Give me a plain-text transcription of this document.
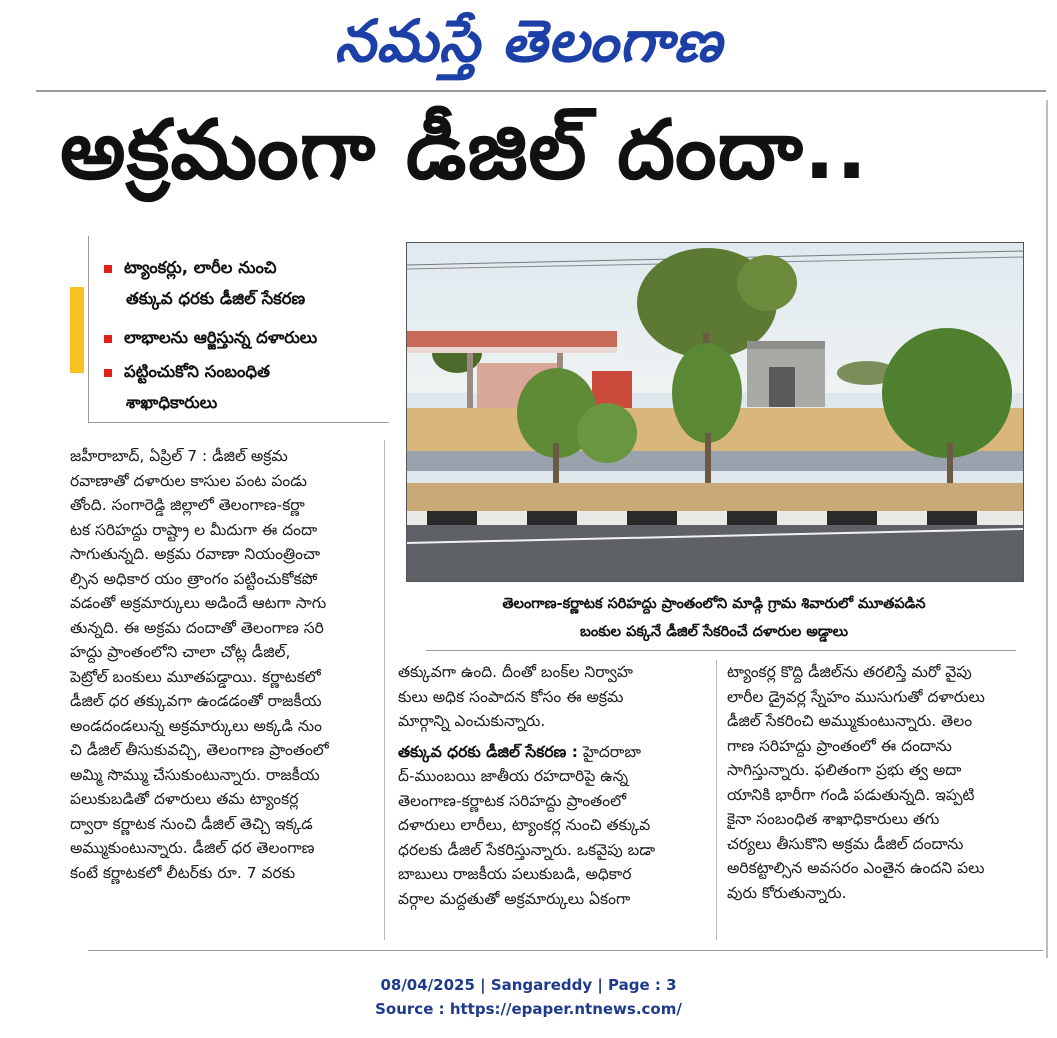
నమస్తే తెలంగాణ
అక్రమంగా డీజిల్ దందా..
ట్యాంకర్లు, లారీల నుంచి
తక్కువ ధరకు డీజిల్ సేకరణ
లాభాలను ఆర్జిస్తున్న దళారులు
పట్టించుకోని సంబంధిత
శాఖాధికారులు
తెలంగాణ-కర్ణాటక సరిహద్దు ప్రాంతంలోని మాడ్గి గ్రామ శివారులో మూతపడిన
బంకుల పక్కనే డీజిల్ సేకరించే దళారుల అడ్డాలు

జహీరాబాద్, ఏప్రిల్ 7 : డీజిల్ అక్రమ

రవాణాతో దళారుల కాసుల పంట పండు

తోంది. సంగారెడ్డి జిల్లాలో తెలంగాణ-కర్ణా

టక సరిహద్దు రాష్ట్రా ల మీదుగా ఈ దందా

సాగుతున్నది. అక్రమ రవాణా నియంత్రించా

ల్సిన అధికార యం త్రాంగం పట్టించుకోకపో

వడంతో అక్రమార్కులు అడిందే ఆటగా సాగు

తున్నది. ఈ అక్రమ దందాతో తెలంగాణ సరి

హద్దు ప్రాంతంలోని చాలా చోట్ల డీజిల్,

పెట్రోల్ బంకులు మూతపడ్డాయి. కర్ణాటకలో

డీజిల్ ధర తక్కువగా ఉండడంతో రాజకీయ

అండదండలున్న అక్రమార్కులు అక్కడి నుం

చి డీజిల్ తీసుకువచ్చి, తెలంగాణ ప్రాంతంలో

అమ్మి సొమ్ము చేసుకుంటున్నారు. రాజకీయ

పలుకుబడితో దళారులు తమ ట్యాంకర్ల

ద్వారా కర్ణాటక నుంచి డీజిల్ తెచ్చి ఇక్కడ

అమ్ముకుంటున్నారు. డీజిల్ ధర తెలంగాణ

కంటే కర్ణాటకలో లీటర్‌కు రూ. 7 వరకు

తక్కువగా ఉంది. దీంతో బంక్‌ల నిర్వాహ

కులు అధిక సంపాదన కోసం ఈ అక్రమ

మార్గాన్ని ఎంచుకున్నారు.

తక్కువ ధరకు డీజిల్ సేకరణ : హైదరాబా

ద్-ముంబయి జాతీయ రహదారిపై ఉన్న

తెలంగాణ-కర్ణాటక సరిహద్దు ప్రాంతంలో

దళారులు లారీలు, ట్యాంకర్ల నుంచి తక్కువ

ధరలకు డీజిల్ సేకరిస్తున్నారు. ఒకవైపు బడా

బాబులు రాజకీయ పలుకుబడి, అధికార

వర్గాల మద్దతుతో అక్రమార్కులు ఏకంగా

ట్యాంకర్ల కొద్ది డీజిల్‌ను తరలిస్తే మరో వైపు

లారీల డ్రైవర్ల స్నేహం ముసుగుతో దళారులు

డీజిల్ సేకరించి అమ్ముకుంటున్నారు. తెలం

గాణ సరిహద్దు ప్రాంతంలో ఈ దందాను

సాగిస్తున్నారు. ఫలితంగా ప్రభు త్వ అదా

యానికి భారీగా గండి పడుతున్నది. ఇప్పటి

కైనా సంబంధిత శాఖాధికారులు తగు

చర్యలు తీసుకొని అక్రమ డీజిల్ దందాను

అరికట్టాల్సిన అవసరం ఎంతైన ఉందని పలు

వురు కోరుతున్నారు.

08/04/2025 | Sangareddy | Page : 3
Source : https://epaper.ntnews.com/
